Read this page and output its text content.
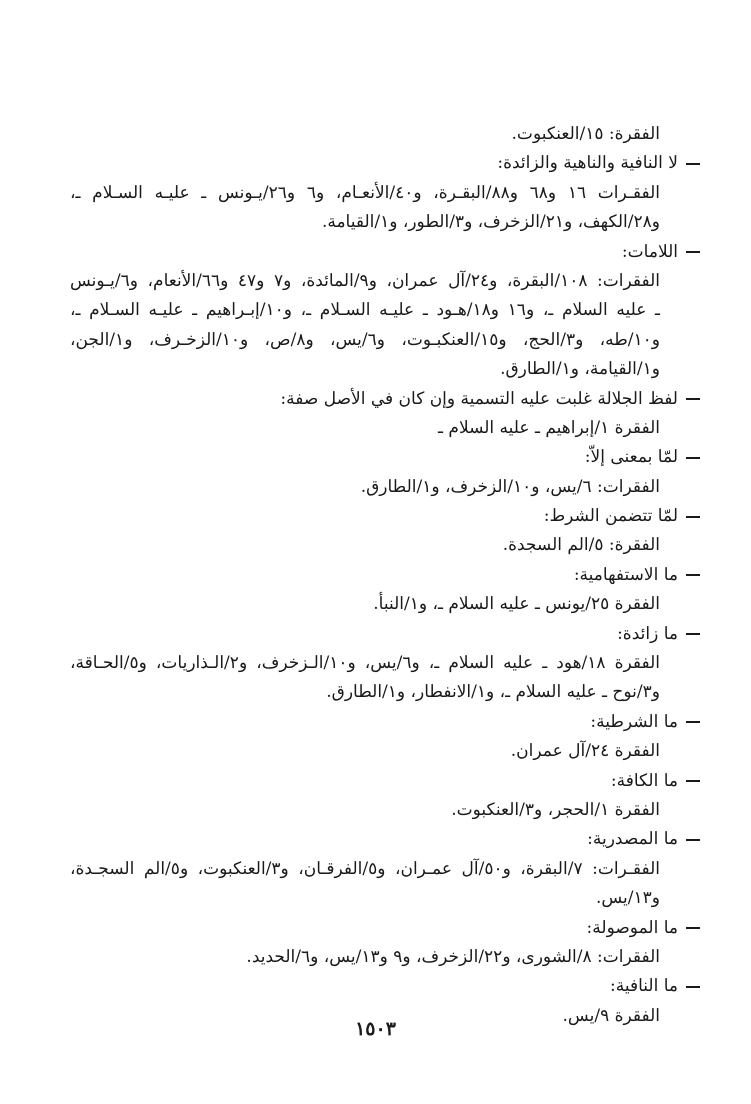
الفقرة: ١٥/العنكبوت.
لا النافية والناهية والزائدة:
الفقـرات ١٦ و٦٨ و٨٨/البقـرة، و٤٠/الأنعـام، و٦ و٢٦/يـونس ـ عليـه السـلام ـ،
و٢٨/الكهف، و٢١/الزخرف، و٣/الطور، و١/القيامة.
اللامات:
الفقرات: ١٠٨/البقرة، و٢٤/آل عمران، و٩/المائدة، و٧ و٤٧ و٦٦/الأنعام، و٦/يـونس
ـ عليه السلام ـ، و١٦ و١٨/هـود ـ عليـه السـلام ـ، و١٠/إبـراهيم ـ عليـه السـلام ـ،
و١٠/طه، و٣/الحج، و١٥/العنكبـوت، و٦/يس، و٨/ص، و١٠/الزخـرف، و١/الجن،
و١/القيامة، و١/الطارق.
لفظ الجلالة غلبت عليه التسمية وإن كان في الأصل صفة:
الفقرة ١/إبراهيم ـ عليه السلام ـ
لمّا بمعنى إلاّ:
الفقرات: ٦/يس، و١٠/الزخرف، و١/الطارق.
لمّا تتضمن الشرط:
الفقرة: ٥/الم السجدة.
ما الاستفهامية:
الفقرة ٢٥/يونس ـ عليه السلام ـ، و١/النبأ.
ما زائدة:
الفقرة ١٨/هود ـ عليه السلام ـ، و٦/يس، و١٠/الـزخرف، و٢/الـذاريات، و٥/الحـاقة،
و٣/نوح ـ عليه السلام ـ، و١/الانفطار، و١/الطارق.
ما الشرطية:
الفقرة ٢٤/آل عمران.
ما الكافة:
الفقرة ١/الحجر، و٣/العنكبوت.
ما المصدرية:
الفقـرات: ٧/البقرة، و٥٠/آل عمـران، و٥/الفرقـان، و٣/العنكبوت، و٥/الم السجـدة،
و١٣/يس.
ما الموصولة:
الفقرات: ٨/الشورى، و٢٢/الزخرف، و٩ و١٣/يس، و٦/الحديد.
ما النافية:
الفقرة ٩/يس.
١٥٠٣
